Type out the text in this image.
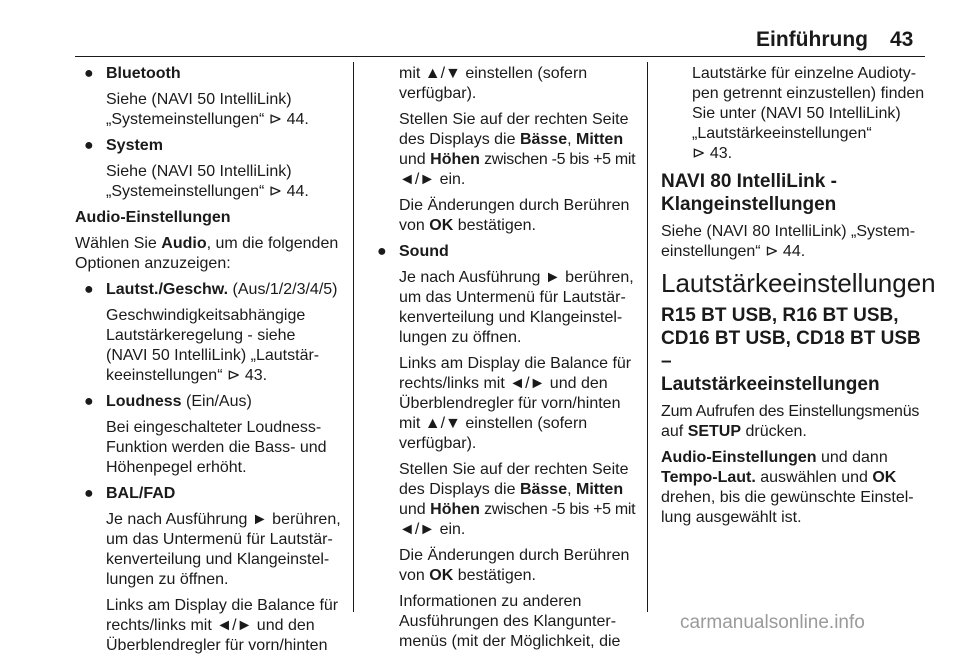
Einführung 43
● Bluetooth

Siehe (NAVI 50 IntelliLink)
„Systemeinstellungen“ ⊳ 44.

● System

Siehe (NAVI 50 IntelliLink)
„Systemeinstellungen“ ⊳ 44.

Audio-Einstellungen

Wählen Sie Audio, um die folgenden
Optionen anzuzeigen:

● Lautst./Geschw. (Aus/1/2/3/4/5)

Geschwindigkeitsabhängige
Lautstärkeregelung - siehe
(NAVI 50 IntelliLink) „Lautstär-
keeinstellungen“ ⊳ 43.

● Loudness (Ein/Aus)

Bei eingeschalteter Loudness-
Funktion werden die Bass- und
Höhenpegel erhöht.

● BAL/FAD

Je nach Ausführung ► berühren,
um das Untermenü für Lautstär-
kenverteilung und Klangeinstel-
lungen zu öffnen.

Links am Display die Balance für
rechts/links mit ◄/► und den
Überblendregler für vorn/hinten

mit ▲/▼ einstellen (sofern
verfügbar).

Stellen Sie auf der rechten Seite
des Displays die Bässe, Mitten
und Höhen zwischen -5 bis +5 mit
◄/► ein.

Die Änderungen durch Berühren
von OK bestätigen.

● Sound

Je nach Ausführung ► berühren,
um das Untermenü für Lautstär-
kenverteilung und Klangeinstel-
lungen zu öffnen.

Links am Display die Balance für
rechts/links mit ◄/► und den
Überblendregler für vorn/hinten
mit ▲/▼ einstellen (sofern
verfügbar).

Stellen Sie auf der rechten Seite
des Displays die Bässe, Mitten
und Höhen zwischen -5 bis +5 mit
◄/► ein.

Die Änderungen durch Berühren
von OK bestätigen.

Informationen zu anderen
Ausführungen des Klangunter-
menüs (mit der Möglichkeit, die

Lautstärke für einzelne Audioty-
pen getrennt einzustellen) finden
Sie unter (NAVI 50 IntelliLink)
„Lautstärkeeinstellungen“
⊳ 43.

NAVI 80 IntelliLink -
Klangeinstellungen

Siehe (NAVI 80 IntelliLink) „System-
einstellungen“ ⊳ 44.

Lautstärkeeinstellungen

R15 BT USB, R16 BT USB,
CD16 BT USB, CD18 BT USB –
Lautstärkeeinstellungen

Zum Aufrufen des Einstellungsmenüs
auf SETUP drücken.

Audio-Einstellungen und dann
Tempo-Laut. auswählen und OK
drehen, bis die gewünschte Einstel-
lung ausgewählt ist.

carmanualsonline.info
